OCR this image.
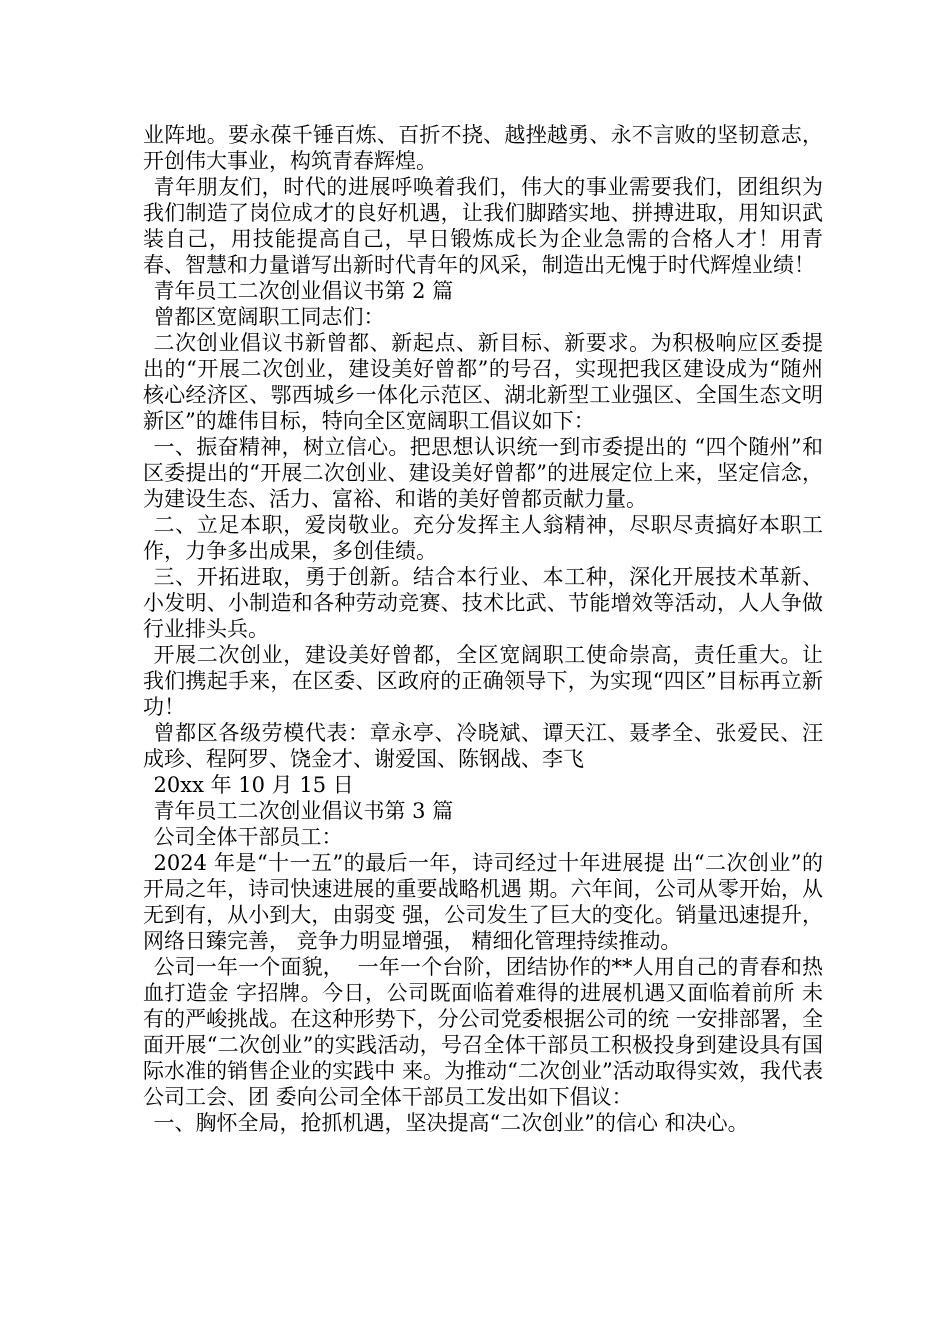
业阵地。要永葆千锤百炼、百折不挠、越挫越勇、永不言败的坚韧意志，开创伟大事业，构筑青春辉煌。

青年朋友们，时代的进展呼唤着我们，伟大的事业需要我们，团组织为我们制造了岗位成才的良好机遇，让我们脚踏实地、拼搏进取，用知识武装自己，用技能提高自己，早日锻炼成长为企业急需的合格人才！用青春、智慧和力量谱写出新时代青年的风采，制造出无愧于时代辉煌业绩！

青年员工二次创业倡议书第 2 篇

曾都区宽阔职工同志们：

二次创业倡议书新曾都、新起点、新目标、新要求。为积极响应区委提出的“开展二次创业，建设美好曾都”的号召，实现把我区建设成为“随州核心经济区、鄂西城乡一体化示范区、湖北新型工业强区、全国生态文明新区”的雄伟目标，特向全区宽阔职工倡议如下：

一、振奋精神，树立信心。把思想认识统一到市委提出的 “四个随州”和区委提出的“开展二次创业、建设美好曾都”的进展定位上来，坚定信念，为建设生态、活力、富裕、和谐的美好曾都贡献力量。

二、立足本职，爱岗敬业。充分发挥主人翁精神，尽职尽责搞好本职工作，力争多出成果，多创佳绩。

三、开拓进取，勇于创新。结合本行业、本工种，深化开展技术革新、小发明、小制造和各种劳动竞赛、技术比武、节能增效等活动，人人争做行业排头兵。

开展二次创业，建设美好曾都，全区宽阔职工使命崇高，责任重大。让我们携起手来，在区委、区政府的正确领导下，为实现“四区”目标再立新功！

曾都区各级劳模代表：章永亭、冷晓斌、谭天江、聂孝全、张爱民、汪成珍、程阿罗、饶金才、谢爱国、陈钢战、李飞

20xx 年 10 月 15 日

青年员工二次创业倡议书第 3 篇

公司全体干部员工：

2024 年是“十一五”的最后一年，诗司经过十年进展提 出“二次创业”的开局之年，诗司快速进展的重要战略机遇 期。六年间，公司从零开始，从无到有，从小到大，由弱变 强，公司发生了巨大的变化。销量迅速提升，网络日臻完善， 竞争力明显增强， 精细化管理持续推动。

公司一年一个面貌，  一年一个台阶，团结协作的**人用自己的青春和热血打造金 字招牌。今日，公司既面临着难得的进展机遇又面临着前所 未有的严峻挑战。在这种形势下，分公司党委根据公司的统 一安排部署，全面开展“二次创业”的实践活动，号召全体干部员工积极投身到建设具有国际水准的销售企业的实践中 来。为推动“二次创业”活动取得实效，我代表公司工会、团 委向公司全体干部员工发出如下倡议：

一、胸怀全局，抢抓机遇，坚决提高“二次创业”的信心 和决心。
